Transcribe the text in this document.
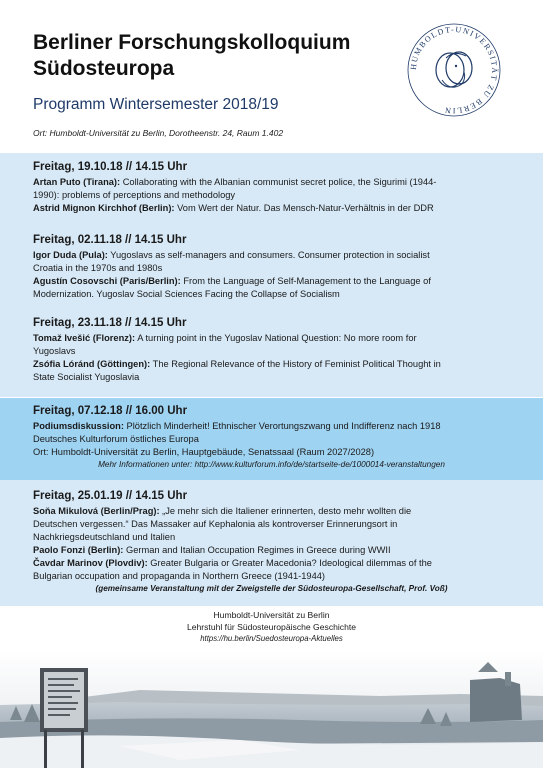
Berliner Forschungskolloquium
Südosteuropa
Programm Wintersemester 2018/19
Ort: Humboldt-Universität zu Berlin, Dorotheenstr. 24, Raum 1.402
HUMBOLDT-UNIVERSITÄT ZU BERLIN
Freitag, 19.10.18 // 14.15 Uhr
Artan Puto (Tirana): Collaborating with the Albanian communist secret police, the Sigurimi (1944-
1990): problems of perceptions and methodology
Astrid Mignon Kirchhof (Berlin): Vom Wert der Natur. Das Mensch-Natur-Verhältnis in der DDR
Freitag, 02.11.18 // 14.15 Uhr
Igor Duda (Pula): Yugoslavs as self-managers and consumers. Consumer protection in socialist
Croatia in the 1970s and 1980s
Agustín Cosovschi (Paris/Berlin): From the Language of Self-Management to the Language of
Modernization. Yugoslav Social Sciences Facing the Collapse of Socialism
Freitag, 23.11.18 // 14.15 Uhr
Tomaž Ivešić (Florenz): A turning point in the Yugoslav National Question: No more room for
Yugoslavs
Zsófia Lóránd (Göttingen): The Regional Relevance of the History of Feminist Political Thought in
State Socialist Yugoslavia
Freitag, 07.12.18 // 16.00 Uhr
Podiumsdiskussion: Plötzlich Minderheit! Ethnischer Verortungszwang und Indifferenz nach 1918
Deutsches Kulturforum östliches Europa
Ort: Humboldt-Universität zu Berlin, Hauptgebäude, Senatssaal (Raum 2027/2028)
Mehr Informationen unter: http://www.kulturforum.info/de/startseite-de/1000014-veranstaltungen
Freitag, 25.01.19 // 14.15 Uhr
Soňa Mikulová (Berlin/Prag): „Je mehr sich die Italiener erinnerten, desto mehr wollten die
Deutschen vergessen.“ Das Massaker auf Kephalonia als kontroverser Erinnerungsort in
Nachkriegsdeutschland und Italien
Paolo Fonzi (Berlin): German and Italian Occupation Regimes in Greece during WWII
Čavdar Marinov (Plovdiv): Greater Bulgaria or Greater Macedonia? Ideological dilemmas of the
Bulgarian occupation and propaganda in Northern Greece (1941-1944)
(gemeinsame Veranstaltung mit der Zweigstelle der Südosteuropa-Gesellschaft, Prof. Voß)
Humboldt-Universität zu Berlin
Lehrstuhl für Südosteuropäische Geschichte
https://hu.berlin/Suedosteuropa-Aktuelles
